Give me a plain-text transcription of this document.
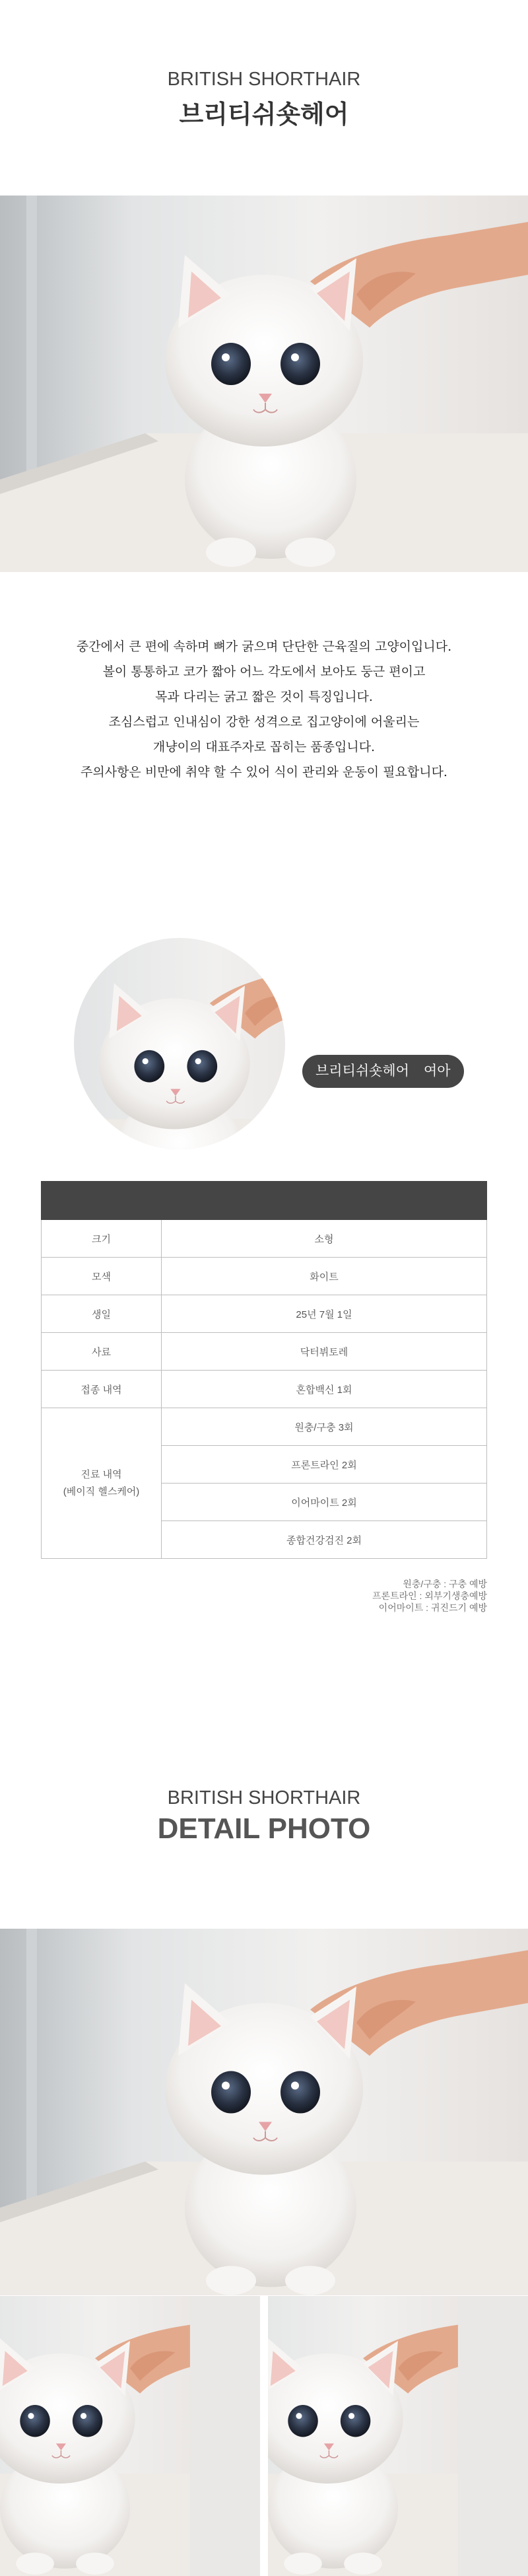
BRITISH SHORTHAIR
브리티쉬숏헤어

중간에서 큰 편에 속하며 뼈가 굵으며 단단한 근육질의 고양이입니다.

볼이 통통하고 코가 짧아 어느 각도에서 보아도 둥근 편이고

목과 다리는 굵고 짧은 것이 특징입니다.

조심스럽고 인내심이 강한 성격으로 집고양이에 어울리는

개냥이의 대표주자로 꼽히는 품종입니다.

주의사항은 비만에 취약 할 수 있어 식이 관리와 운동이 필요합니다.

브리티쉬숏헤어 여아

크기	소형
모색	화이트
생일	25년 7월 1일
사료	닥터뷔토레
접종 내역	혼합백신 1회
진료 내역
(베이직 헬스케어)	원충/구충 3회
	프론트라인 2회
	이어마이트 2회
	종합건강검진 2회
원충/구충 : 구충 예방
프론트라인 : 외부기생충예방
이어마이트 : 귀진드기 예방
BRITISH SHORTHAIR
DETAIL PHOTO
